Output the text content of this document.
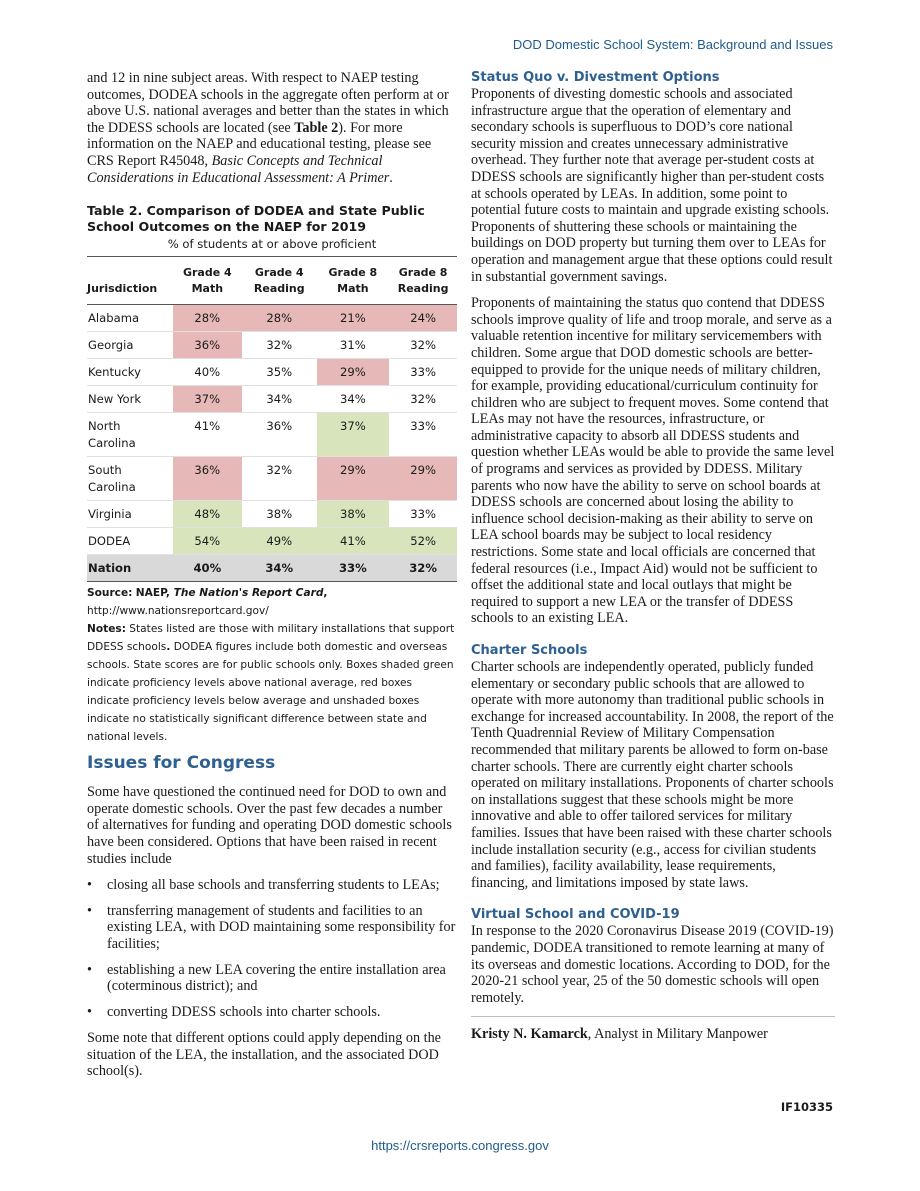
DOD Domestic School System: Background and Issues

and 12 in nine subject areas. With respect to NAEP testing outcomes, DODEA schools in the aggregate often perform at or above U.S. national averages and better than the states in which the DDESS schools are located (see Table 2). For more information on the NAEP and educational testing, please see CRS Report R45048, Basic Concepts and Technical Considerations in Educational Assessment: A Primer.

Table 2. Comparison of DODEA and State Public School Outcomes on the NAEP for 2019
% of students at or above proficient
Jurisdiction	Grade 4 Math	Grade 4 Reading	Grade 8 Math	Grade 8 Reading
Alabama	28%	28%	21%	24%
Georgia	36%	32%	31%	32%
Kentucky	40%	35%	29%	33%
New York	37%	34%	34%	32%
North Carolina	41%	36%	37%	33%
South Carolina	36%	32%	29%	29%
Virginia	48%	38%	38%	33%
DODEA	54%	49%	41%	52%
Nation	40%	34%	33%	32%
Source: NAEP, The Nation's Report Card,
http://www.nationsreportcard.gov/
Notes: States listed are those with military installations that support DDESS schools. DODEA figures include both domestic and overseas schools. State scores are for public schools only. Boxes shaded green indicate proficiency levels above national average, red boxes indicate proficiency levels below average and unshaded boxes indicate no statistically significant difference between state and national levels.
Issues for Congress

Some have questioned the continued need for DOD to own and operate domestic schools. Over the past few decades a number of alternatives for funding and operating DOD domestic schools have been considered. Options that have been raised in recent studies include

• closing all base schools and transferring students to LEAs;
• transferring management of students and facilities to an existing LEA, with DOD maintaining some responsibility for facilities;
• establishing a new LEA covering the entire installation area (coterminous district); and
• converting DDESS schools into charter schools.

Some note that different options could apply depending on the situation of the LEA, the installation, and the associated DOD school(s).

Status Quo v. Divestment Options

Proponents of divesting domestic schools and associated infrastructure argue that the operation of elementary and secondary schools is superfluous to DOD’s core national security mission and creates unnecessary administrative overhead. They further note that average per-student costs at DDESS schools are significantly higher than per-student costs at schools operated by LEAs. In addition, some point to potential future costs to maintain and upgrade existing schools. Proponents of shuttering these schools or maintaining the buildings on DOD property but turning them over to LEAs for operation and management argue that these options could result in substantial government savings.

Proponents of maintaining the status quo contend that DDESS schools improve quality of life and troop morale, and serve as a valuable retention incentive for military servicemembers with children. Some argue that DOD domestic schools are better-equipped to provide for the unique needs of military children, for example, providing educational/curriculum continuity for children who are subject to frequent moves. Some contend that LEAs may not have the resources, infrastructure, or administrative capacity to absorb all DDESS students and question whether LEAs would be able to provide the same level of programs and services as provided by DDESS. Military parents who now have the ability to serve on school boards at DDESS schools are concerned about losing the ability to influence school decision-making as their ability to serve on LEA school boards may be subject to local residency restrictions. Some state and local officials are concerned that federal resources (i.e., Impact Aid) would not be sufficient to offset the additional state and local outlays that might be required to support a new LEA or the transfer of DDESS schools to an existing LEA.

Charter Schools

Charter schools are independently operated, publicly funded elementary or secondary public schools that are allowed to operate with more autonomy than traditional public schools in exchange for increased accountability. In 2008, the report of the Tenth Quadrennial Review of Military Compensation recommended that military parents be allowed to form on-base charter schools. There are currently eight charter schools operated on military installations. Proponents of charter schools on installations suggest that these schools might be more innovative and able to offer tailored services for military families. Issues that have been raised with these charter schools include installation security (e.g., access for civilian students and families), facility availability, lease requirements, financing, and limitations imposed by state laws.

Virtual School and COVID-19

In response to the 2020 Coronavirus Disease 2019 (COVID-19) pandemic, DODEA transitioned to remote learning at many of its overseas and domestic locations. According to DOD, for the 2020-21 school year, 25 of the 50 domestic schools will open remotely.

Kristy N. Kamarck, Analyst in Military Manpower
IF10335
https://crsreports.congress.gov
